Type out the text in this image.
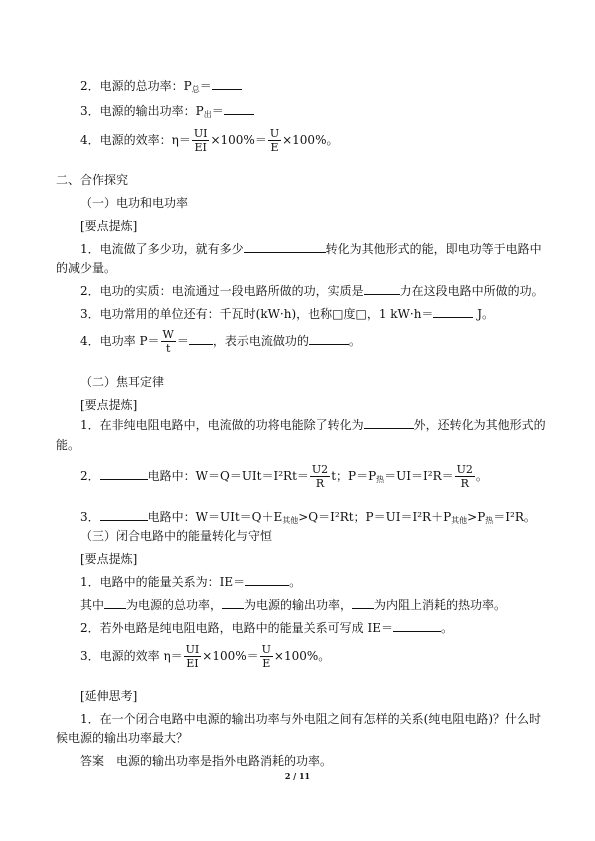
2．电源的总功率：P总＝
3．电源的输出功率：P出＝
4．电源的效率：$\eta= \frac{UI}{EI} \times 100\%= \frac{U}{E} \times 100\%$。
二、合作探究
（一）电功和电功率
[要点提炼]
1．电流做了多少功，就有多少	转化为其他形式的能，即电功等于电路中
的减少量。
2．电功的实质：电流通过一段电路所做的功，实质是	力在这段电路中所做的功。
3．电功常用的单位还有：千瓦时(kW·h)，也称□度□，1 kW·h＝	J。
4．电功率 $P= \frac{W}{t}$ ＝ ，表示电流做功的	。
（二）焦耳定律
[要点提炼]
1．在非纯电阻电路中，电流做的功将电能除了转化为	外，还转化为其他形式的
能。
2．	电路中：$W=Q=UIt=I^2Rt= \frac{U2}{R}$ t；P＝P热$=UI=I^2R= \frac{U2}{R}$ 。
3．	电路中：W＝UIt＝Q＋E其他>Q＝I²Rt；P＝UI＝I²R＋P其他>P热＝I²R。
（三）闭合电路中的能量转化与守恒
[要点提炼]
1．电路中的能量关系为：IE＝	。
其中 为电源的总功率， 为电源的输出功率， 为内阻上消耗的热功率。
2．若外电路是纯电阻电路，电路中的能量关系可写成 IE＝	。
3．电源的效率 $\eta= \frac{UI}{EI} \times 100\%= \frac{U}{E} \times 100\%$。
[延伸思考]
1．在一个闭合电路中电源的输出功率与外电阻之间有怎样的关系(纯电阻电路)？什么时
候电源的输出功率最大？
答案　电源的输出功率是指外电路消耗的功率。
2 / 11
